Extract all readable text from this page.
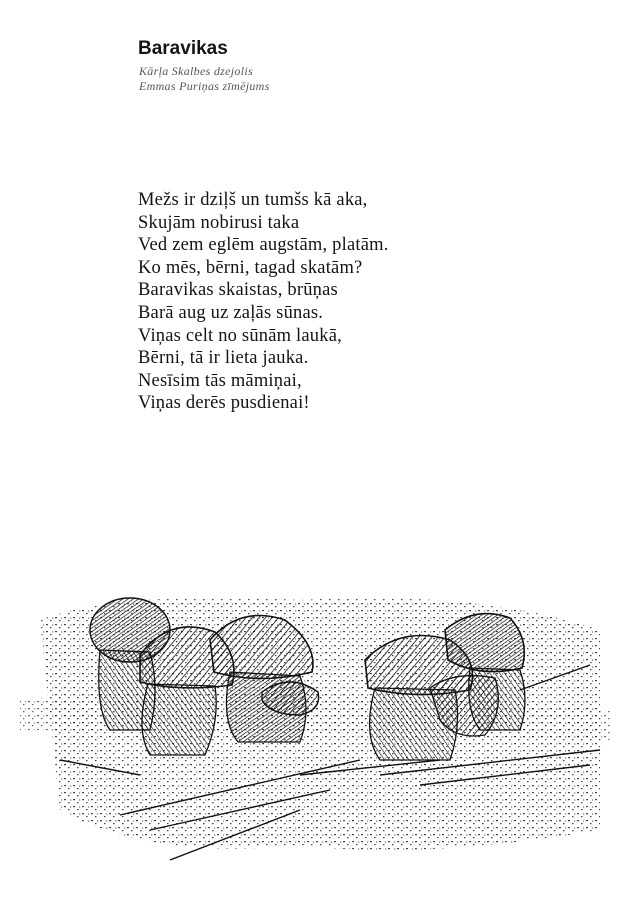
Baravikas
Kārļa Skalbes dzejolis
Emmas Puriņas zīmējums
Mežs ir dziļš un tumšs kā aka,
Skujām nobirusi taka
Ved zem eglēm augstām, platām.
Ko mēs, bērni, tagad skatām?
Baravikas skaistas, brūņas
Barā aug uz zaļās sūnas.
Viņas celt no sūnām laukā,
Bērni, tā ir lieta jauka.
Nesīsim tās māmiņai,
Viņas derēs pusdienai!
